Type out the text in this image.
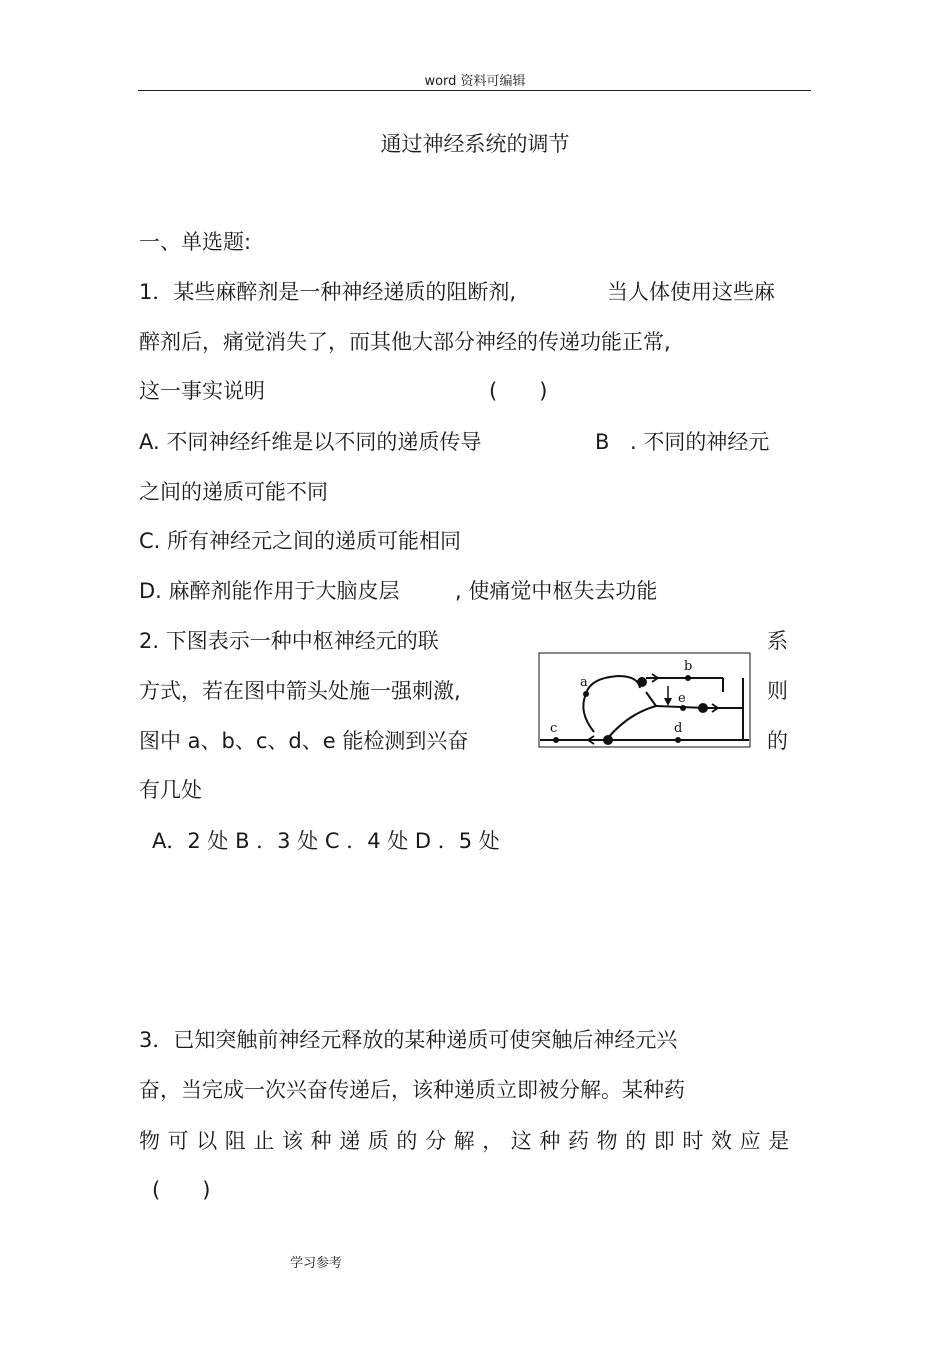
word 资料可编辑
通过神经系统的调节
一、单选题:
1．某些麻醉剂是一种神经递质的阻断剂,	当人体使用这些麻
醉剂后，痛觉消失了，而其他大部分神经的传递功能正常,
这一事实说明	(　　)
A. 不同神经纤维是以不同的递质传导	B . 不同的神经元
之间的递质可能不同
C. 所有神经元之间的递质可能相同
D. 麻醉剂能作用于大脑皮层	, 使痛觉中枢失去功能
2. 下图表示一种中枢神经元的联	系
方式，若在图中箭头处施一强刺激,	则
图中 a、b、c、d、e 能检测到兴奋	的
有几处
A．2 处 B ．3 处 C ．4 处 D ．5 处
a
b
c	d
e
3．已知突触前神经元释放的某种递质可使突触后神经元兴
奋，当完成一次兴奋传递后，该种递质立即被分解。某种药
物可以阻止该种递质的分解，这种药物的即时效应是
(　　)
学习参考
